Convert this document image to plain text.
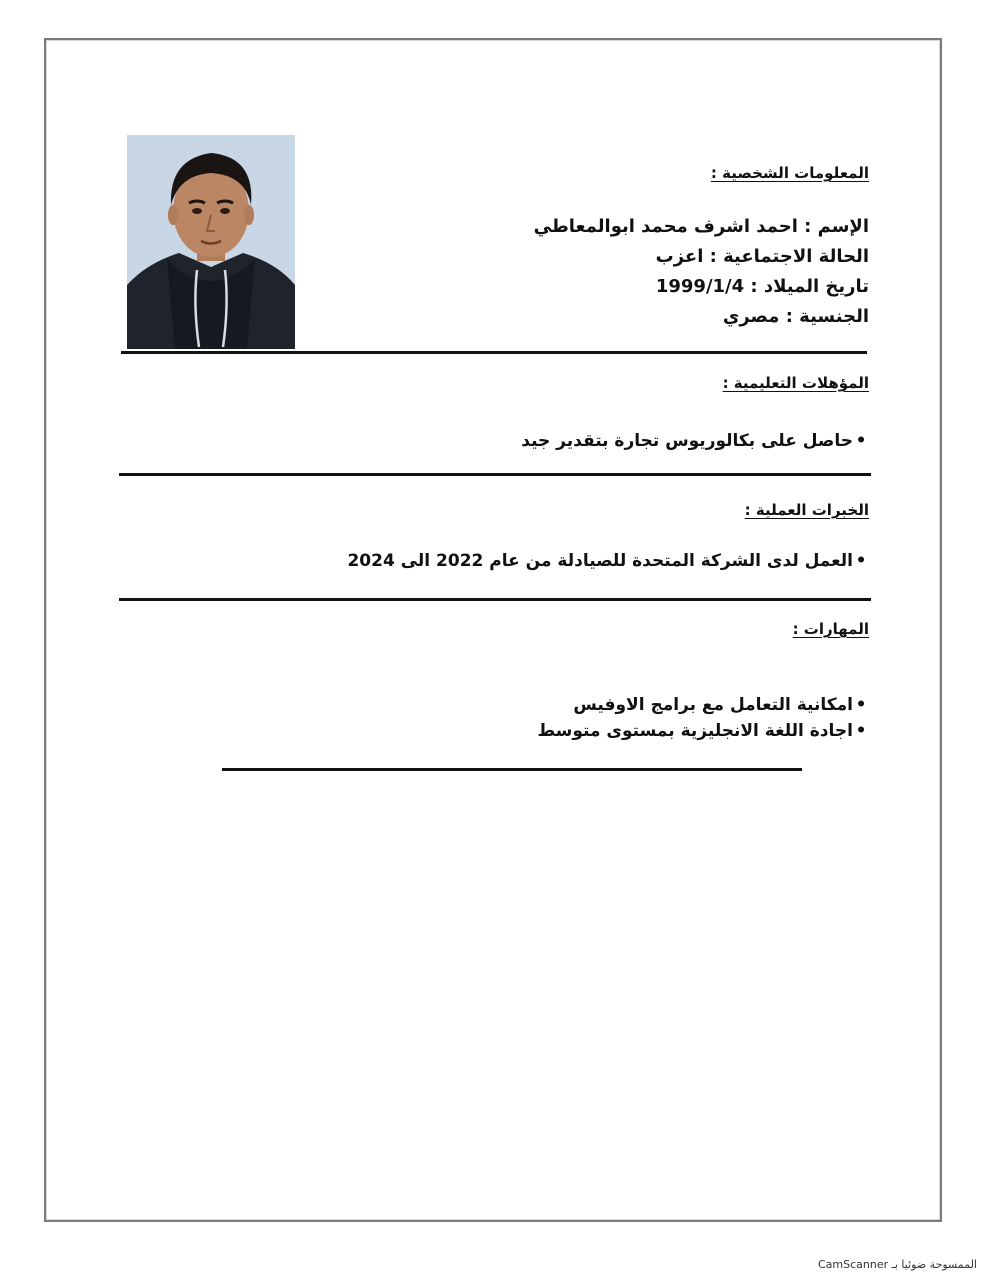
المعلومات الشخصية :
الإسم : احمد اشرف محمد ابوالمعاطي
الحالة الاجتماعية : اعزب
تاريخ الميلاد : 1999/1/4
الجنسية : مصري
المؤهلات التعليمية :
•حاصل على بكالوريوس تجارة بتقدير جيد
الخبرات العملية :
•العمل لدى الشركة المتحدة للصيادلة من عام 2022 الى 2024
المهارات :
•امكانية التعامل مع برامج الاوفيس
•اجادة اللغة الانجليزية بمستوى متوسط
الممسوحة ضوئيا بـ CamScanner
